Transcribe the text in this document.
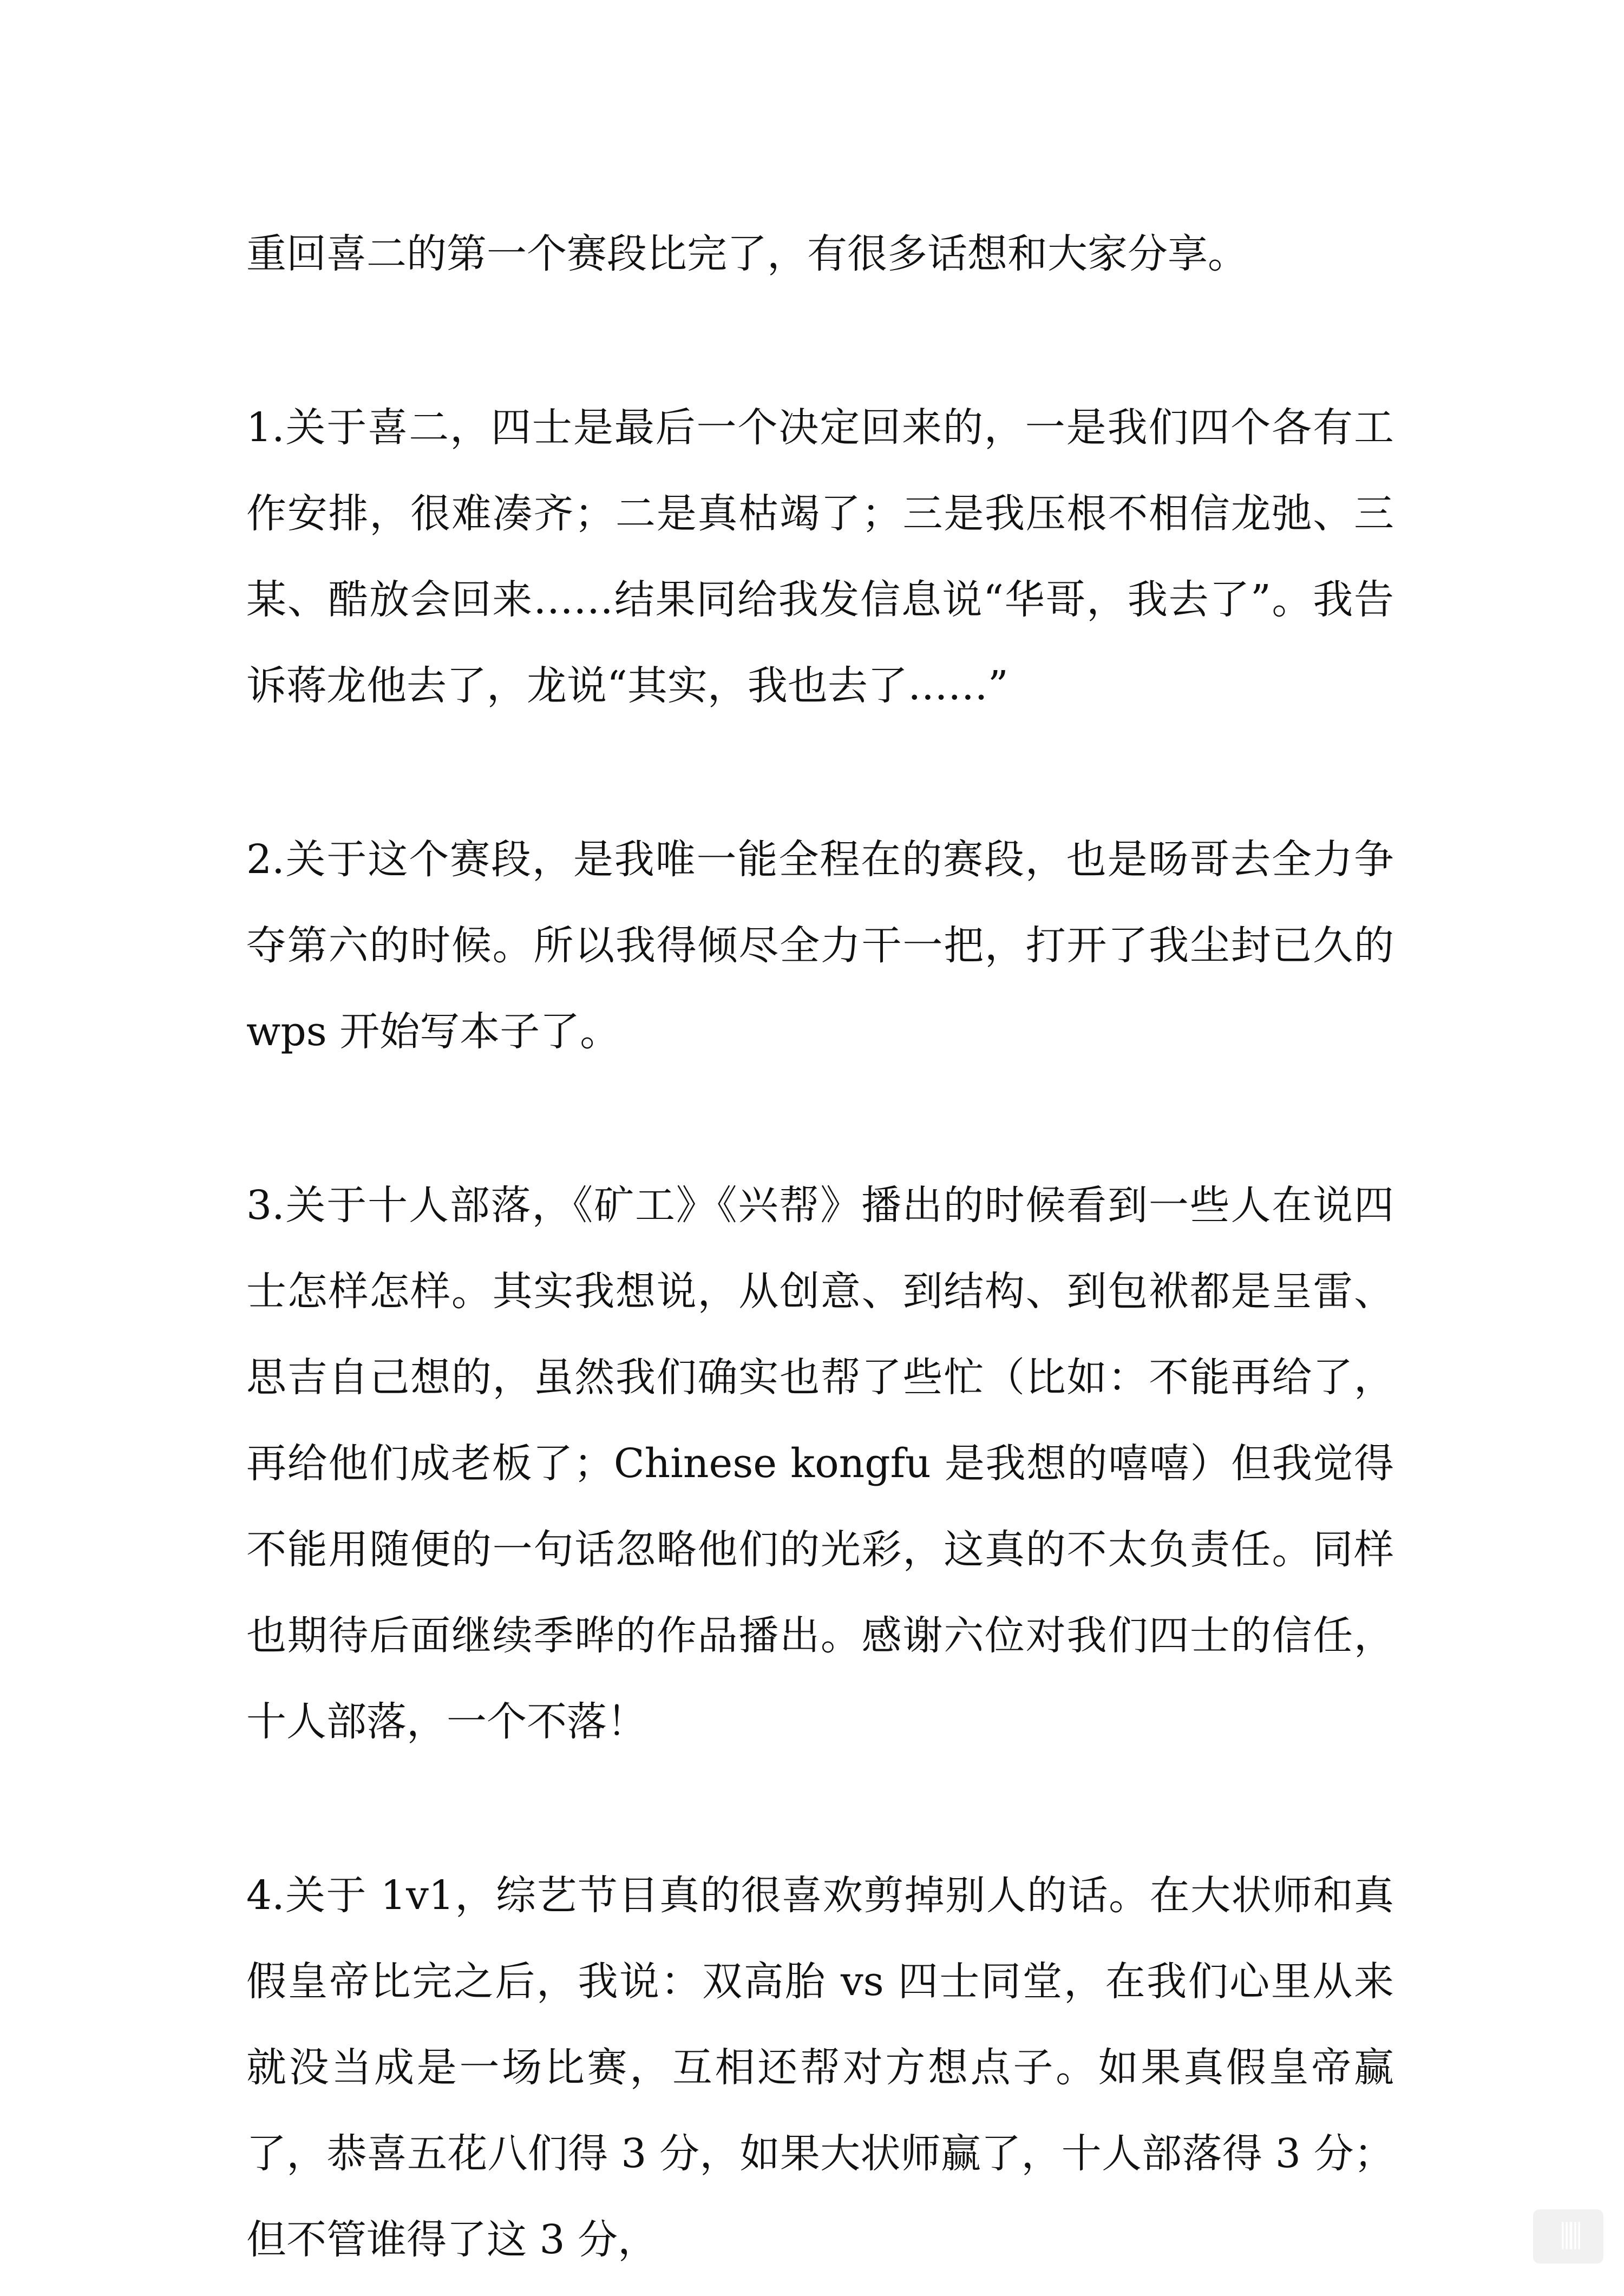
重回喜二的第一个赛段比完了，有很多话想和大家分享。

1.关于喜二，四士是最后一个决定回来的，一是我们四个各有工作安排，很难凑齐；二是真枯竭了；三是我压根不相信龙弛、三某、酷放会回来……结果同给我发信息说“华哥，我去了”。我告诉蒋龙他去了，龙说“其实，我也去了……”

2.关于这个赛段，是我唯一能全程在的赛段，也是旸哥去全力争夺第六的时候。所以我得倾尽全力干一把，打开了我尘封已久的 wps 开始写本子了。

3.关于十人部落，《矿工》《兴帮》播出的时候看到一些人在说四士怎样怎样。其实我想说，从创意、到结构、到包袱都是呈雷、思吉自己想的，虽然我们确实也帮了些忙（比如：不能再给了，再给他们成老板了；Chinese kongfu 是我想的嘻嘻）但我觉得不能用随便的一句话忽略他们的光彩，这真的不太负责任。同样也期待后面继续季晔的作品播出。感谢六位对我们四士的信任，十人部落，一个不落！

4.关于 1v1，综艺节目真的很喜欢剪掉别人的话。在大状师和真假皇帝比完之后，我说：双高胎 vs 四士同堂，在我们心里从来就没当成是一场比赛，互相还帮对方想点子。如果真假皇帝赢了，恭喜五花八们得 3 分，如果大状师赢了，十人部落得 3 分；但不管谁得了这 3 分，	⫼⫼
